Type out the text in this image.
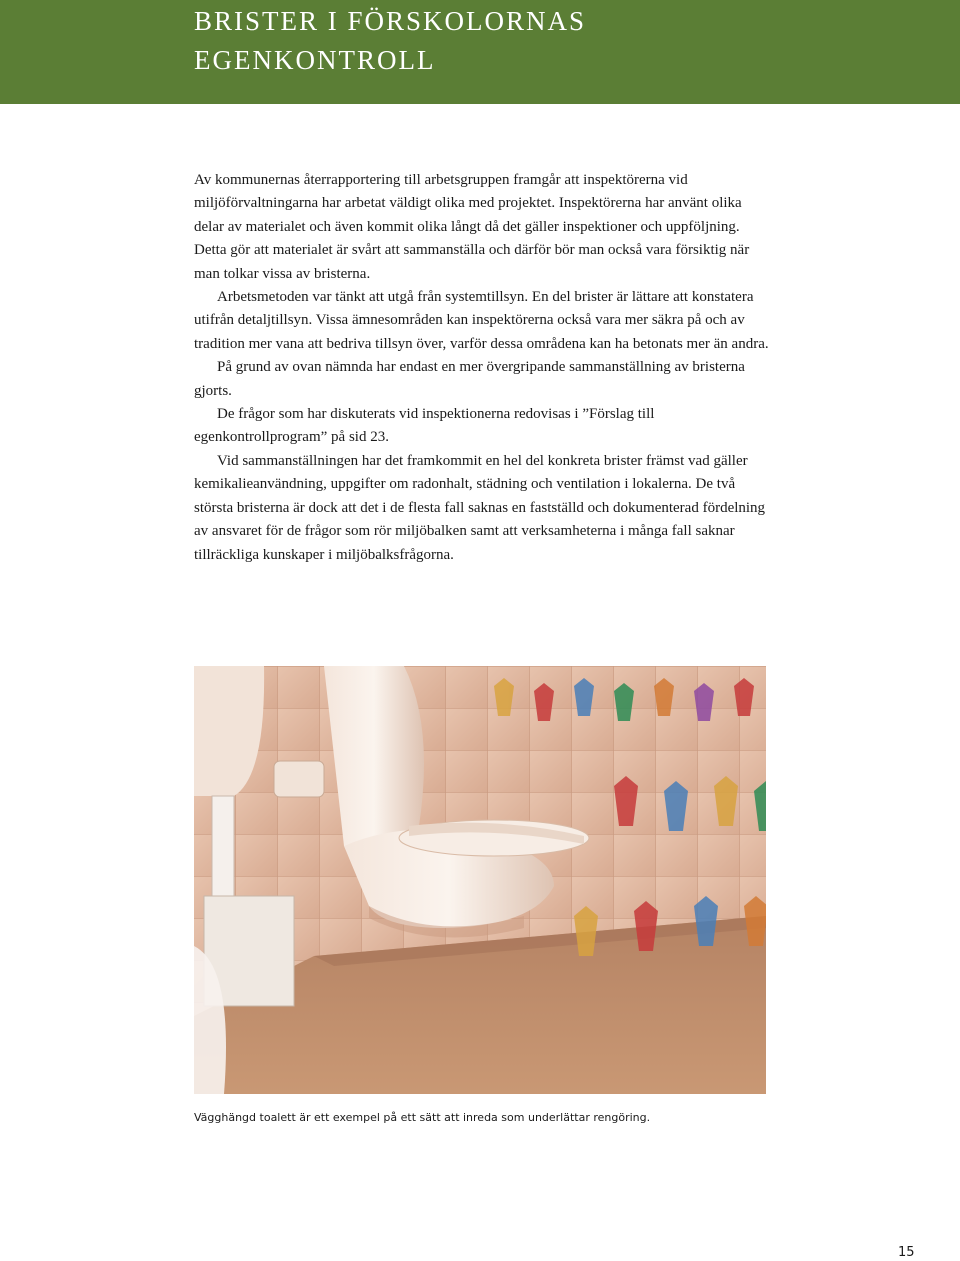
BRISTER I FÖRSKOLORNAS
EGENKONTROLL

Av kommunernas återrapportering till arbetsgruppen framgår att inspektörerna vid miljöförvaltningarna har arbetat väldigt olika med projektet. Inspektörerna har använt olika delar av materialet och även kommit olika långt då det gäller inspektioner och uppföljning. Detta gör att materialet är svårt att sammanställa och därför bör man också vara försiktig när man tolkar vissa av bristerna.

Arbetsmetoden var tänkt att utgå från systemtillsyn. En del brister är lättare att konstatera utifrån detaljtillsyn. Vissa ämnesområden kan inspektörerna också vara mer säkra på och av tradition mer vana att bedriva tillsyn över, varför dessa områdena kan ha betonats mer än andra.

På grund av ovan nämnda har endast en mer övergripande sammanställning av bristerna gjorts.

De frågor som har diskuterats vid inspektionerna redovisas i ”Förslag till egenkontrollprogram” på sid 23.

Vid sammanställningen har det framkommit en hel del konkreta brister främst vad gäller kemikalieanvändning, uppgifter om radonhalt, städning och ventilation i lokalerna. De två största bristerna är dock att det i de flesta fall saknas en fastställd och dokumenterad fördelning av ansvaret för de frågor som rör miljöbalken samt att verksamheterna i många fall saknar tillräckliga kunskaper i miljöbalksfrågorna.

Vägghängd toalett är ett exempel på ett sätt att inreda som underlättar rengöring.
15
